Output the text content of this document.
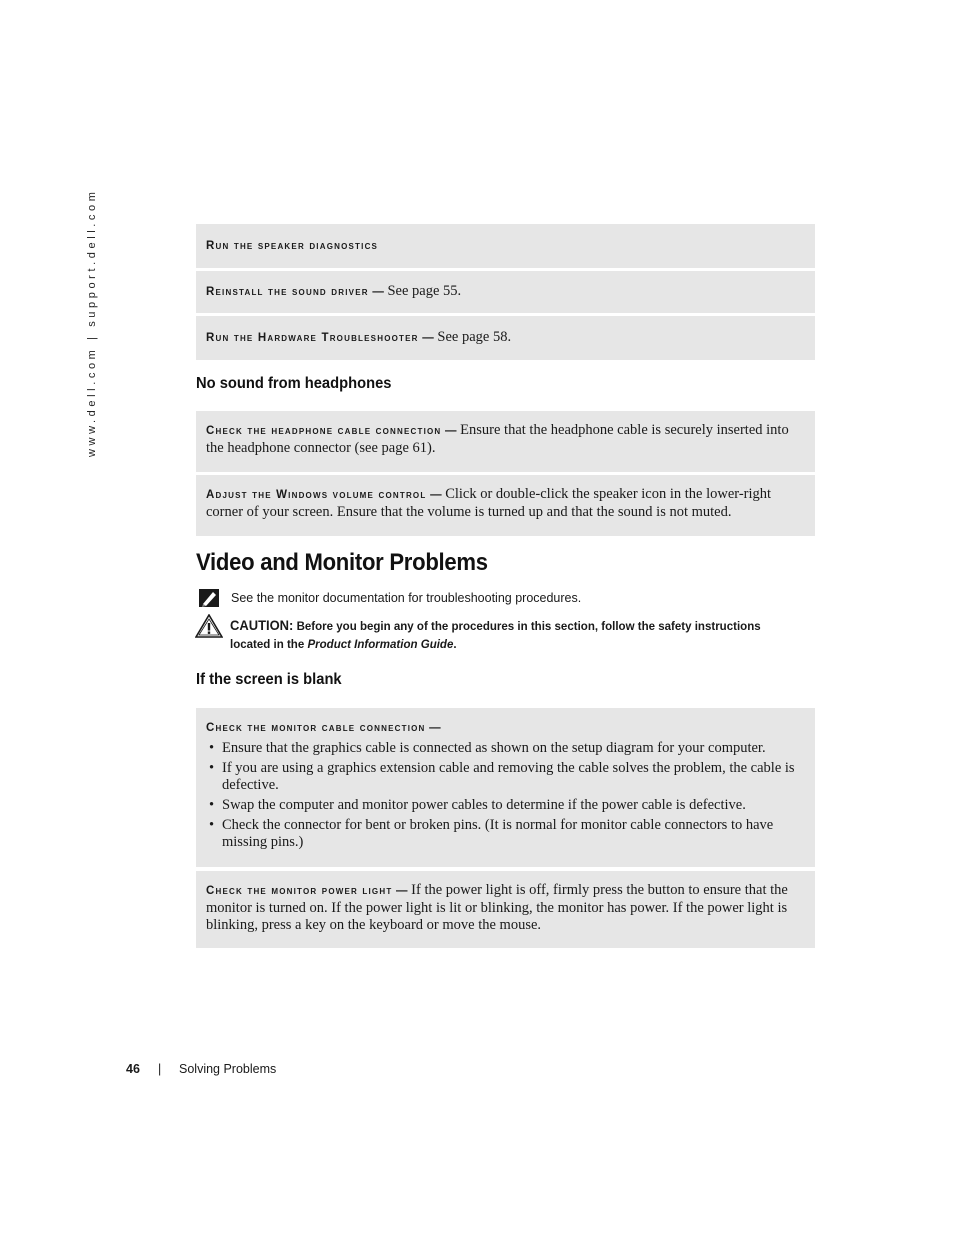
www.dell.com | support.dell.com	Run the speaker diagnostics
Reinstall the sound driver — See page 55.
Run the Hardware Troubleshooter — See page 58.
No sound from headphones
Check the headphone cable connection — Ensure that the headphone cable is securely inserted into the headphone connector (see page 61).
Adjust the Windows volume control — Click or double-click the speaker icon in the lower-right corner of your screen. Ensure that the volume is turned up and that the sound is not muted.
Video and Monitor Problems
See the monitor documentation for troubleshooting procedures.
CAUTION: Before you begin any of the procedures in this section, follow the safety instructions located in the Product Information Guide.
If the screen is blank
Check the monitor cable connection —
• Ensure that the graphics cable is connected as shown on the setup diagram for your computer.
• If you are using a graphics extension cable and removing the cable solves the problem, the cable is defective.
• Swap the computer and monitor power cables to determine if the power cable is defective.
• Check the connector for bent or broken pins. (It is normal for monitor cable connectors to have missing pins.)
Check the monitor power light — If the power light is off, firmly press the button to ensure that the monitor is turned on. If the power light is lit or blinking, the monitor has power. If the power light is blinking, press a key on the keyboard or move the mouse.
46 | Solving Problems
